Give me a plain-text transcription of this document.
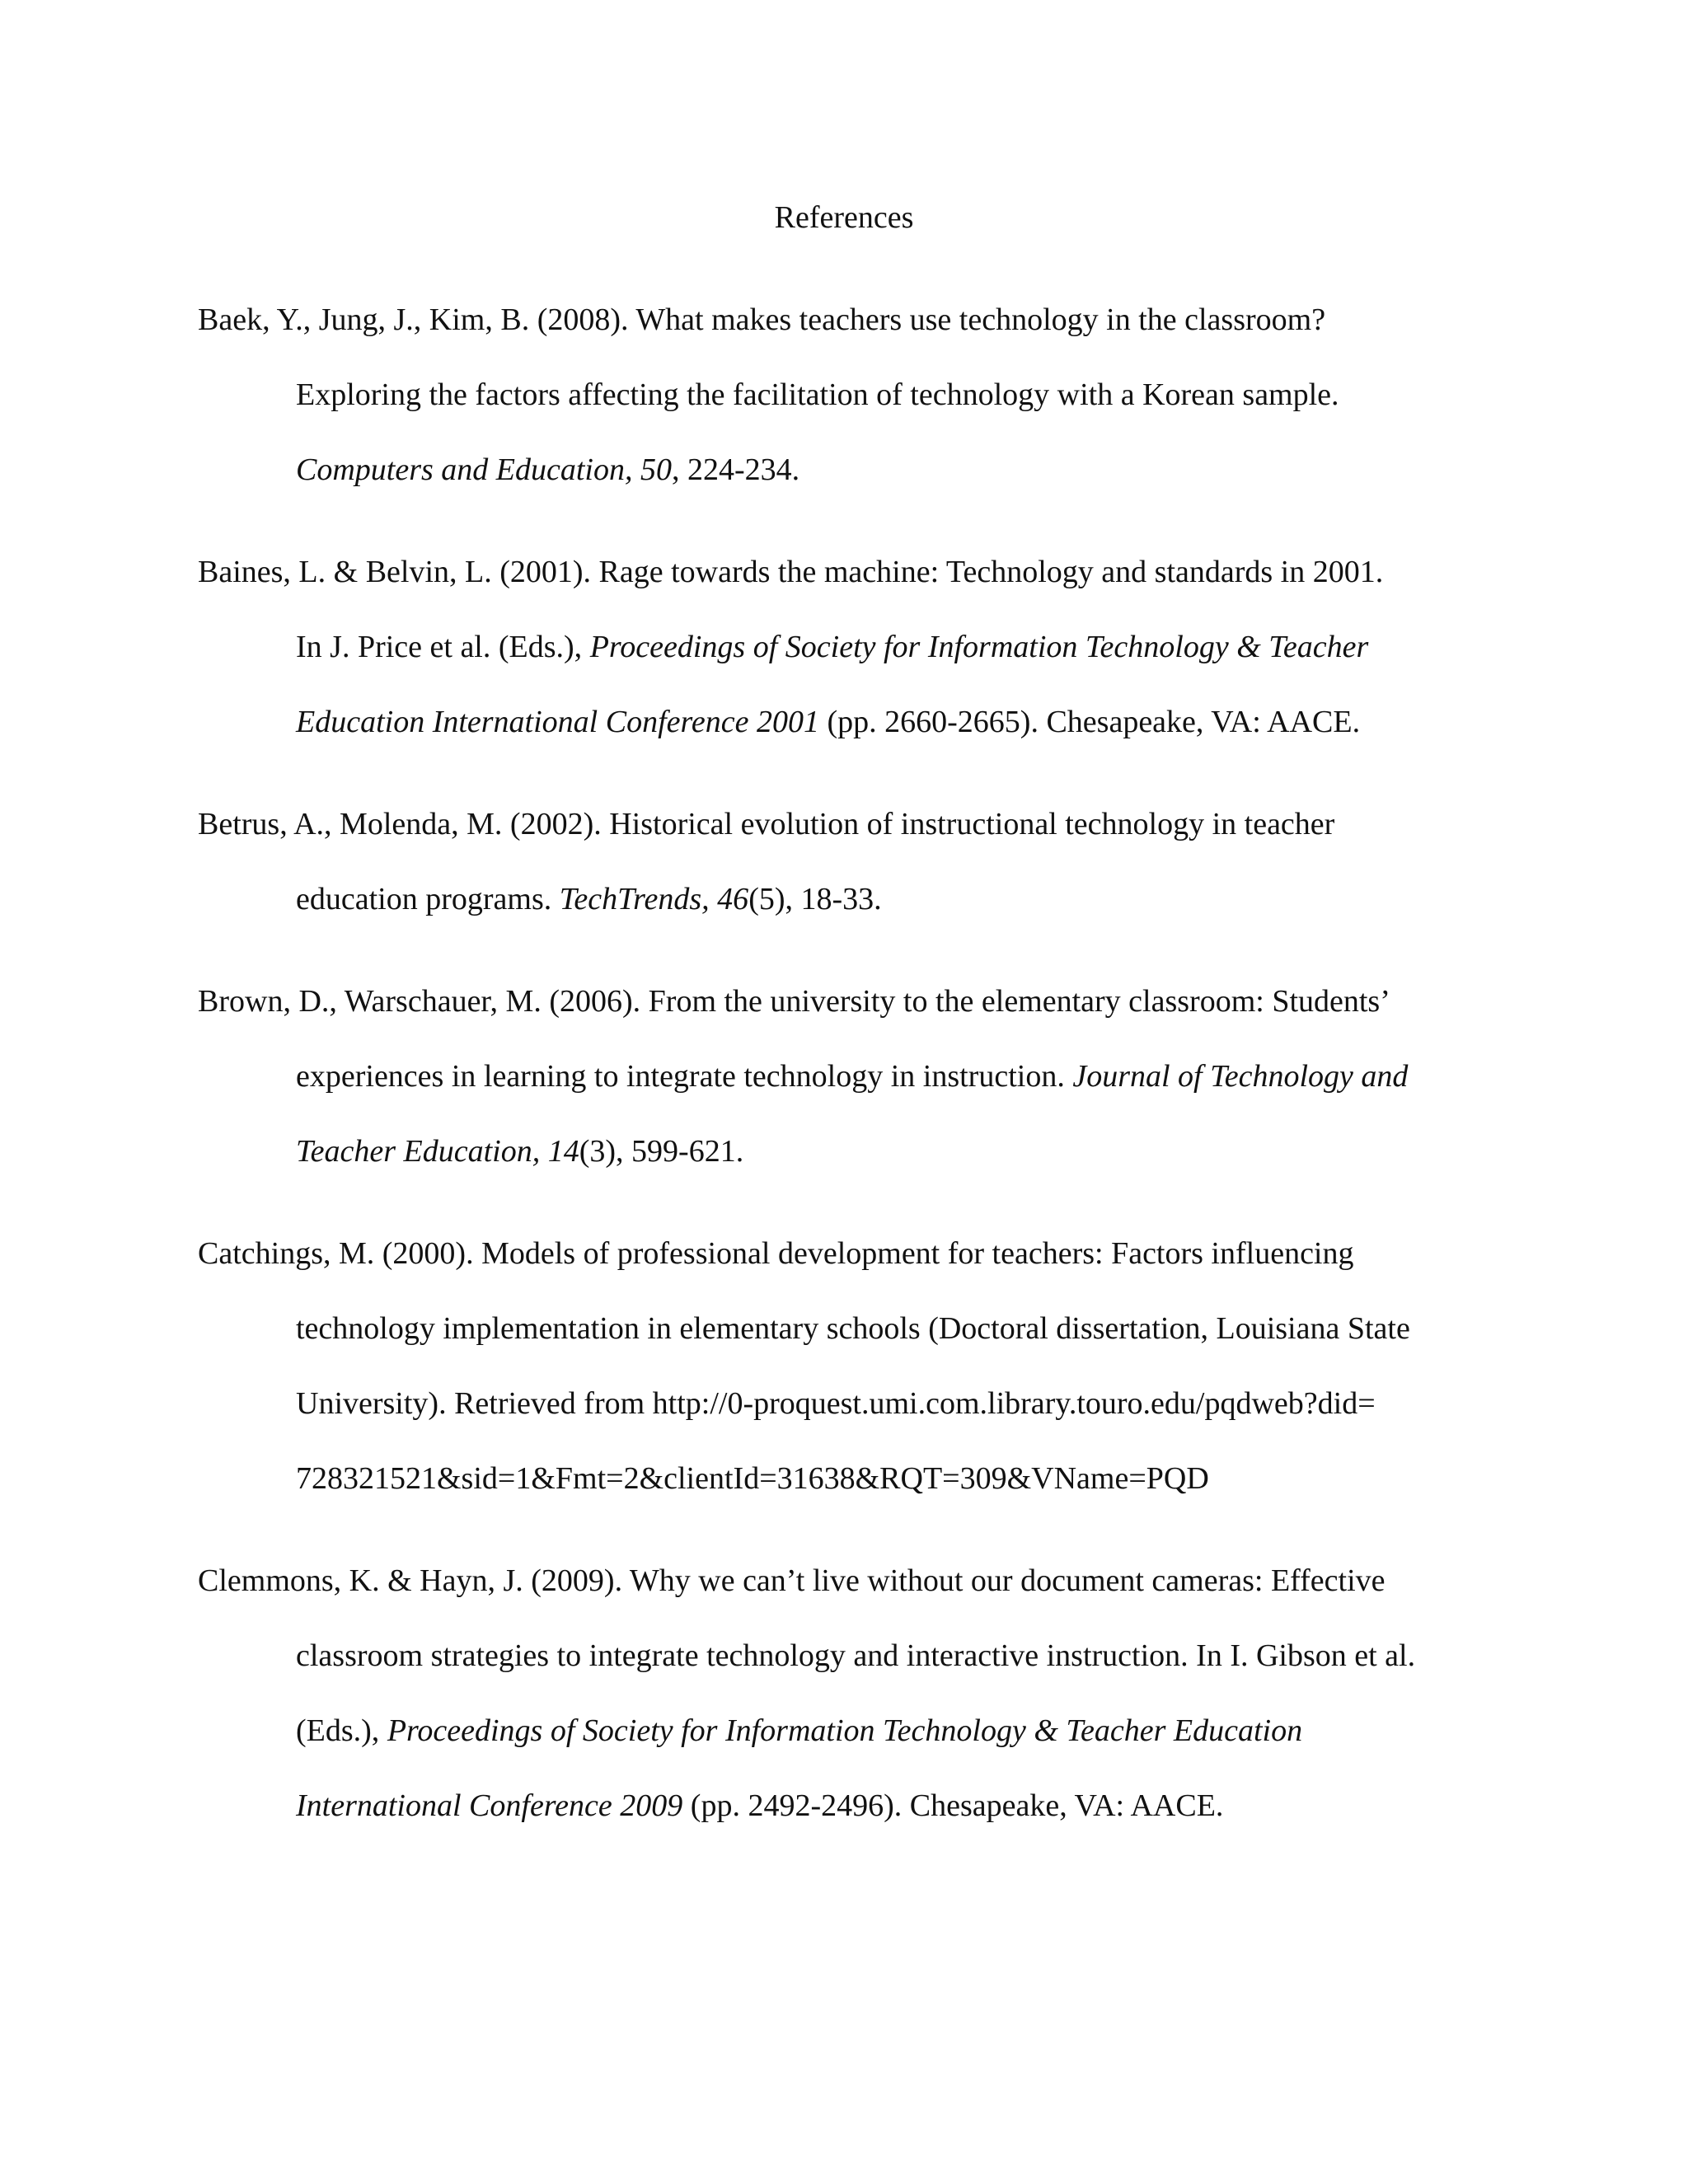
References
Baek, Y., Jung, J., Kim, B. (2008). What makes teachers use technology in the classroom?
Exploring the factors affecting the facilitation of technology with a Korean sample.
Computers and Education, 50, 224-234.
Baines, L. & Belvin, L. (2001). Rage towards the machine: Technology and standards in 2001.
In J. Price et al. (Eds.), Proceedings of Society for Information Technology & Teacher
Education International Conference 2001 (pp. 2660-2665). Chesapeake, VA: AACE.
Betrus, A., Molenda, M. (2002). Historical evolution of instructional technology in teacher
education programs. TechTrends, 46(5), 18-33.
Brown, D., Warschauer, M. (2006). From the university to the elementary classroom: Students’
experiences in learning to integrate technology in instruction. Journal of Technology and
Teacher Education, 14(3), 599-621.
Catchings, M. (2000). Models of professional development for teachers: Factors influencing
technology implementation in elementary schools (Doctoral dissertation, Louisiana State
University). Retrieved from http://0-proquest.umi.com.library.touro.edu/pqdweb?did=
728321521&sid=1&Fmt=2&clientId=31638&RQT=309&VName=PQD
Clemmons, K. & Hayn, J. (2009). Why we can’t live without our document cameras: Effective
classroom strategies to integrate technology and interactive instruction. In I. Gibson et al.
(Eds.), Proceedings of Society for Information Technology & Teacher Education
International Conference 2009 (pp. 2492-2496). Chesapeake, VA: AACE.
